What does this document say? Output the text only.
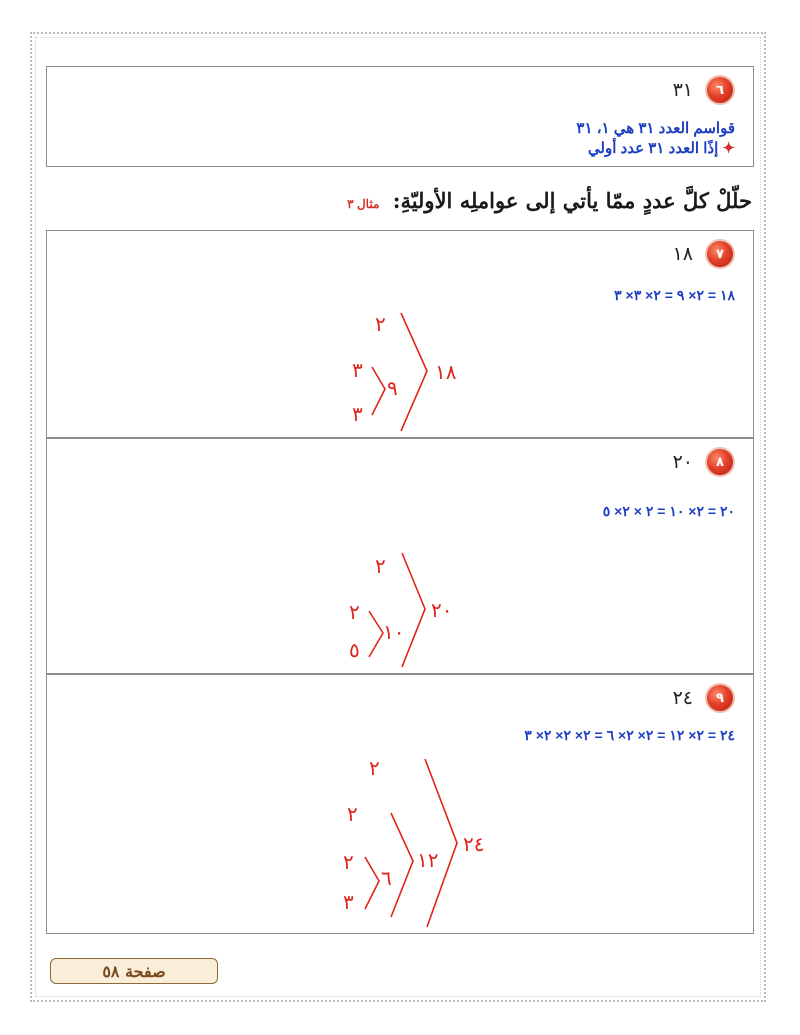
٦
٣١
قواسم العدد ٣١ هي ١، ٣١
✦ إذًا العدد ٣١ عدد أولي
حلّلْ كلَّ عددٍ ممّا يأتي إلى عواملِه الأوليّةِ: مثال ٣
٧
١٨
١٨ = ٢× ٩ = ٢× ٣× ٣
١٨
٢
٩
٣
٣
٨
٢٠
٢٠ = ٢× ١٠ = ٢ × ٢× ٥
٢٠
٢
١٠
٢
٥
٩
٢٤
٢٤ = ٢× ١٢ = ٢× ٢× ٦ = ٢× ٢× ٢× ٣
٢٤
٢
١٢
٢
٦
٢
٣
صفحة ٥٨
